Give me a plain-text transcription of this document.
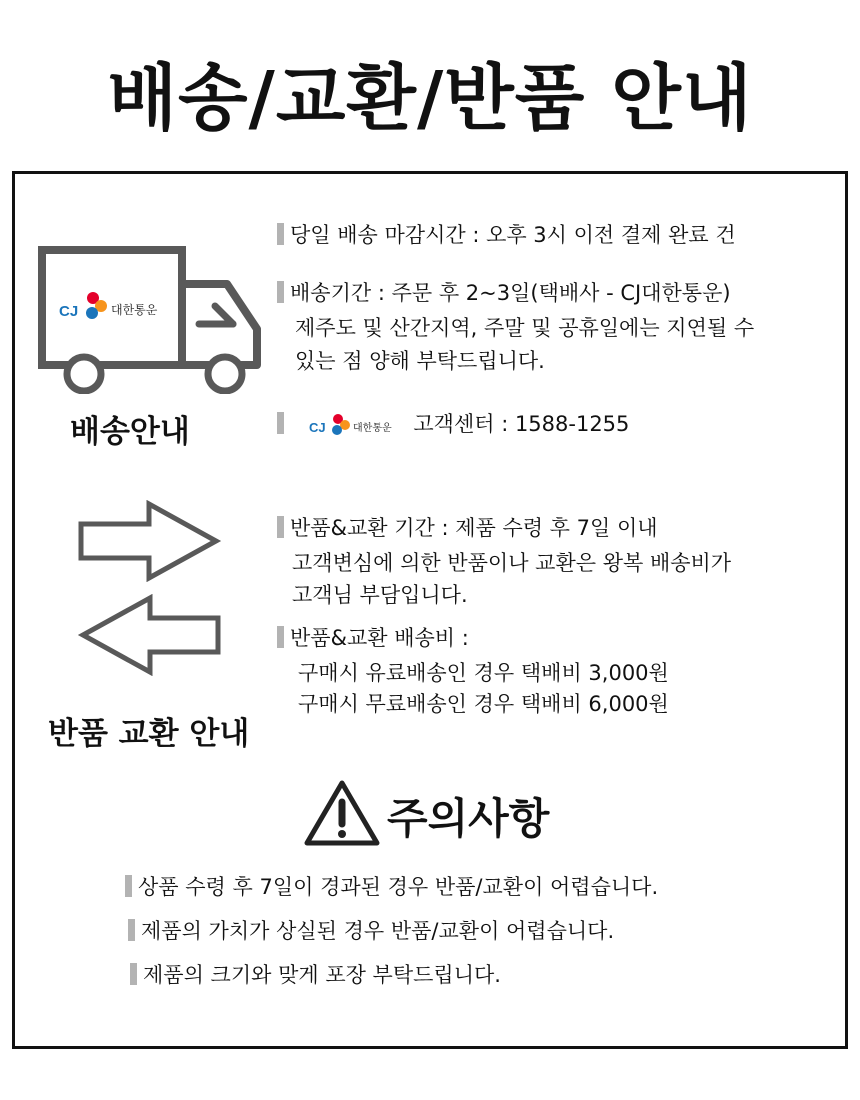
배송/교환/반품 안내
CJ	대한통운
배송안내
당일 배송 마감시간 : 오후 3시 이전 결제 완료 건
배송기간 : 주문 후 2~3일(택배사 - CJ대한통운)
제주도 및 산간지역, 주말 및 공휴일에는 지연될 수
있는 점 양해 부탁드립니다.

CJ	대한통운 고객센터 : 1588-1255
반품 교환 안내
반품&교환 기간 : 제품 수령 후 7일 이내
고객변심에 의한 반품이나 교환은 왕복 배송비가
고객님 부담입니다.
반품&교환 배송비 :
구매시 유료배송인 경우 택배비 3,000원
구매시 무료배송인 경우 택배비 6,000원
주의사항
상품 수령 후 7일이 경과된 경우 반품/교환이 어렵습니다.
제품의 가치가 상실된 경우 반품/교환이 어렵습니다.
제품의 크기와 맞게 포장 부탁드립니다.
